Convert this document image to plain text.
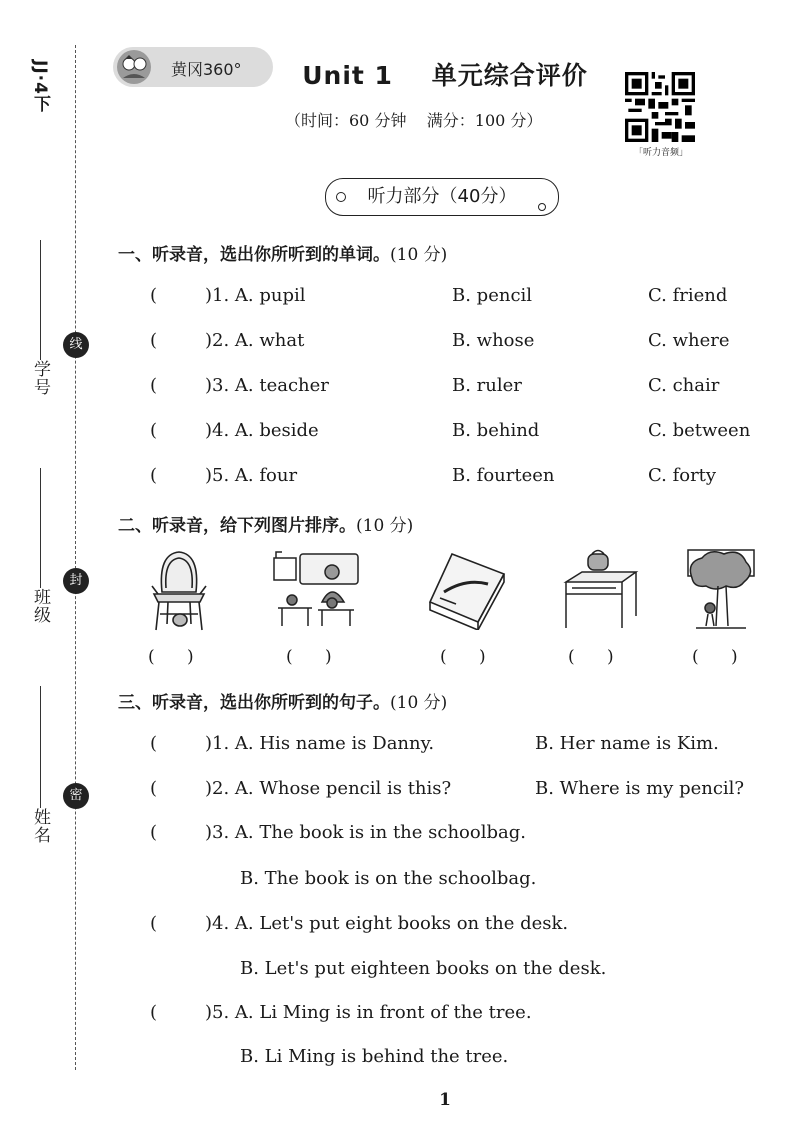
JJ·4下
学号
班级
姓名
线
封
密
黄冈360°	Unit 1 单元综合评价
（时间：60 分钟    满分：100 分）
「听力音频」
听力部分（40分）
一、听录音，选出你所听到的单词。(10 分)
(	)1. A. pupil	B. pencil	C. friend
(	)2. A. what	B. whose	C. where
(	)3. A. teacher	B. ruler	C. chair
(	)4. A. beside	B. behind	C. between
(	)5. A. four	B. fourteen	C. forty
二、听录音，给下列图片排序。(10 分)
(      )	(      )	(      )	(      )	(      )
三、听录音，选出你所听到的句子。(10 分)
(	)1. A. His name is Danny.	B. Her name is Kim.
(	)2. A. Whose pencil is this?	B. Where is my pencil?
(	)3. A. The book is in the schoolbag.
B. The book is on the schoolbag.
(	)4. A. Let's put eight books on the desk.
B. Let's put eighteen books on the desk.
(	)5. A. Li Ming is in front of the tree.
B. Li Ming is behind the tree.
1
